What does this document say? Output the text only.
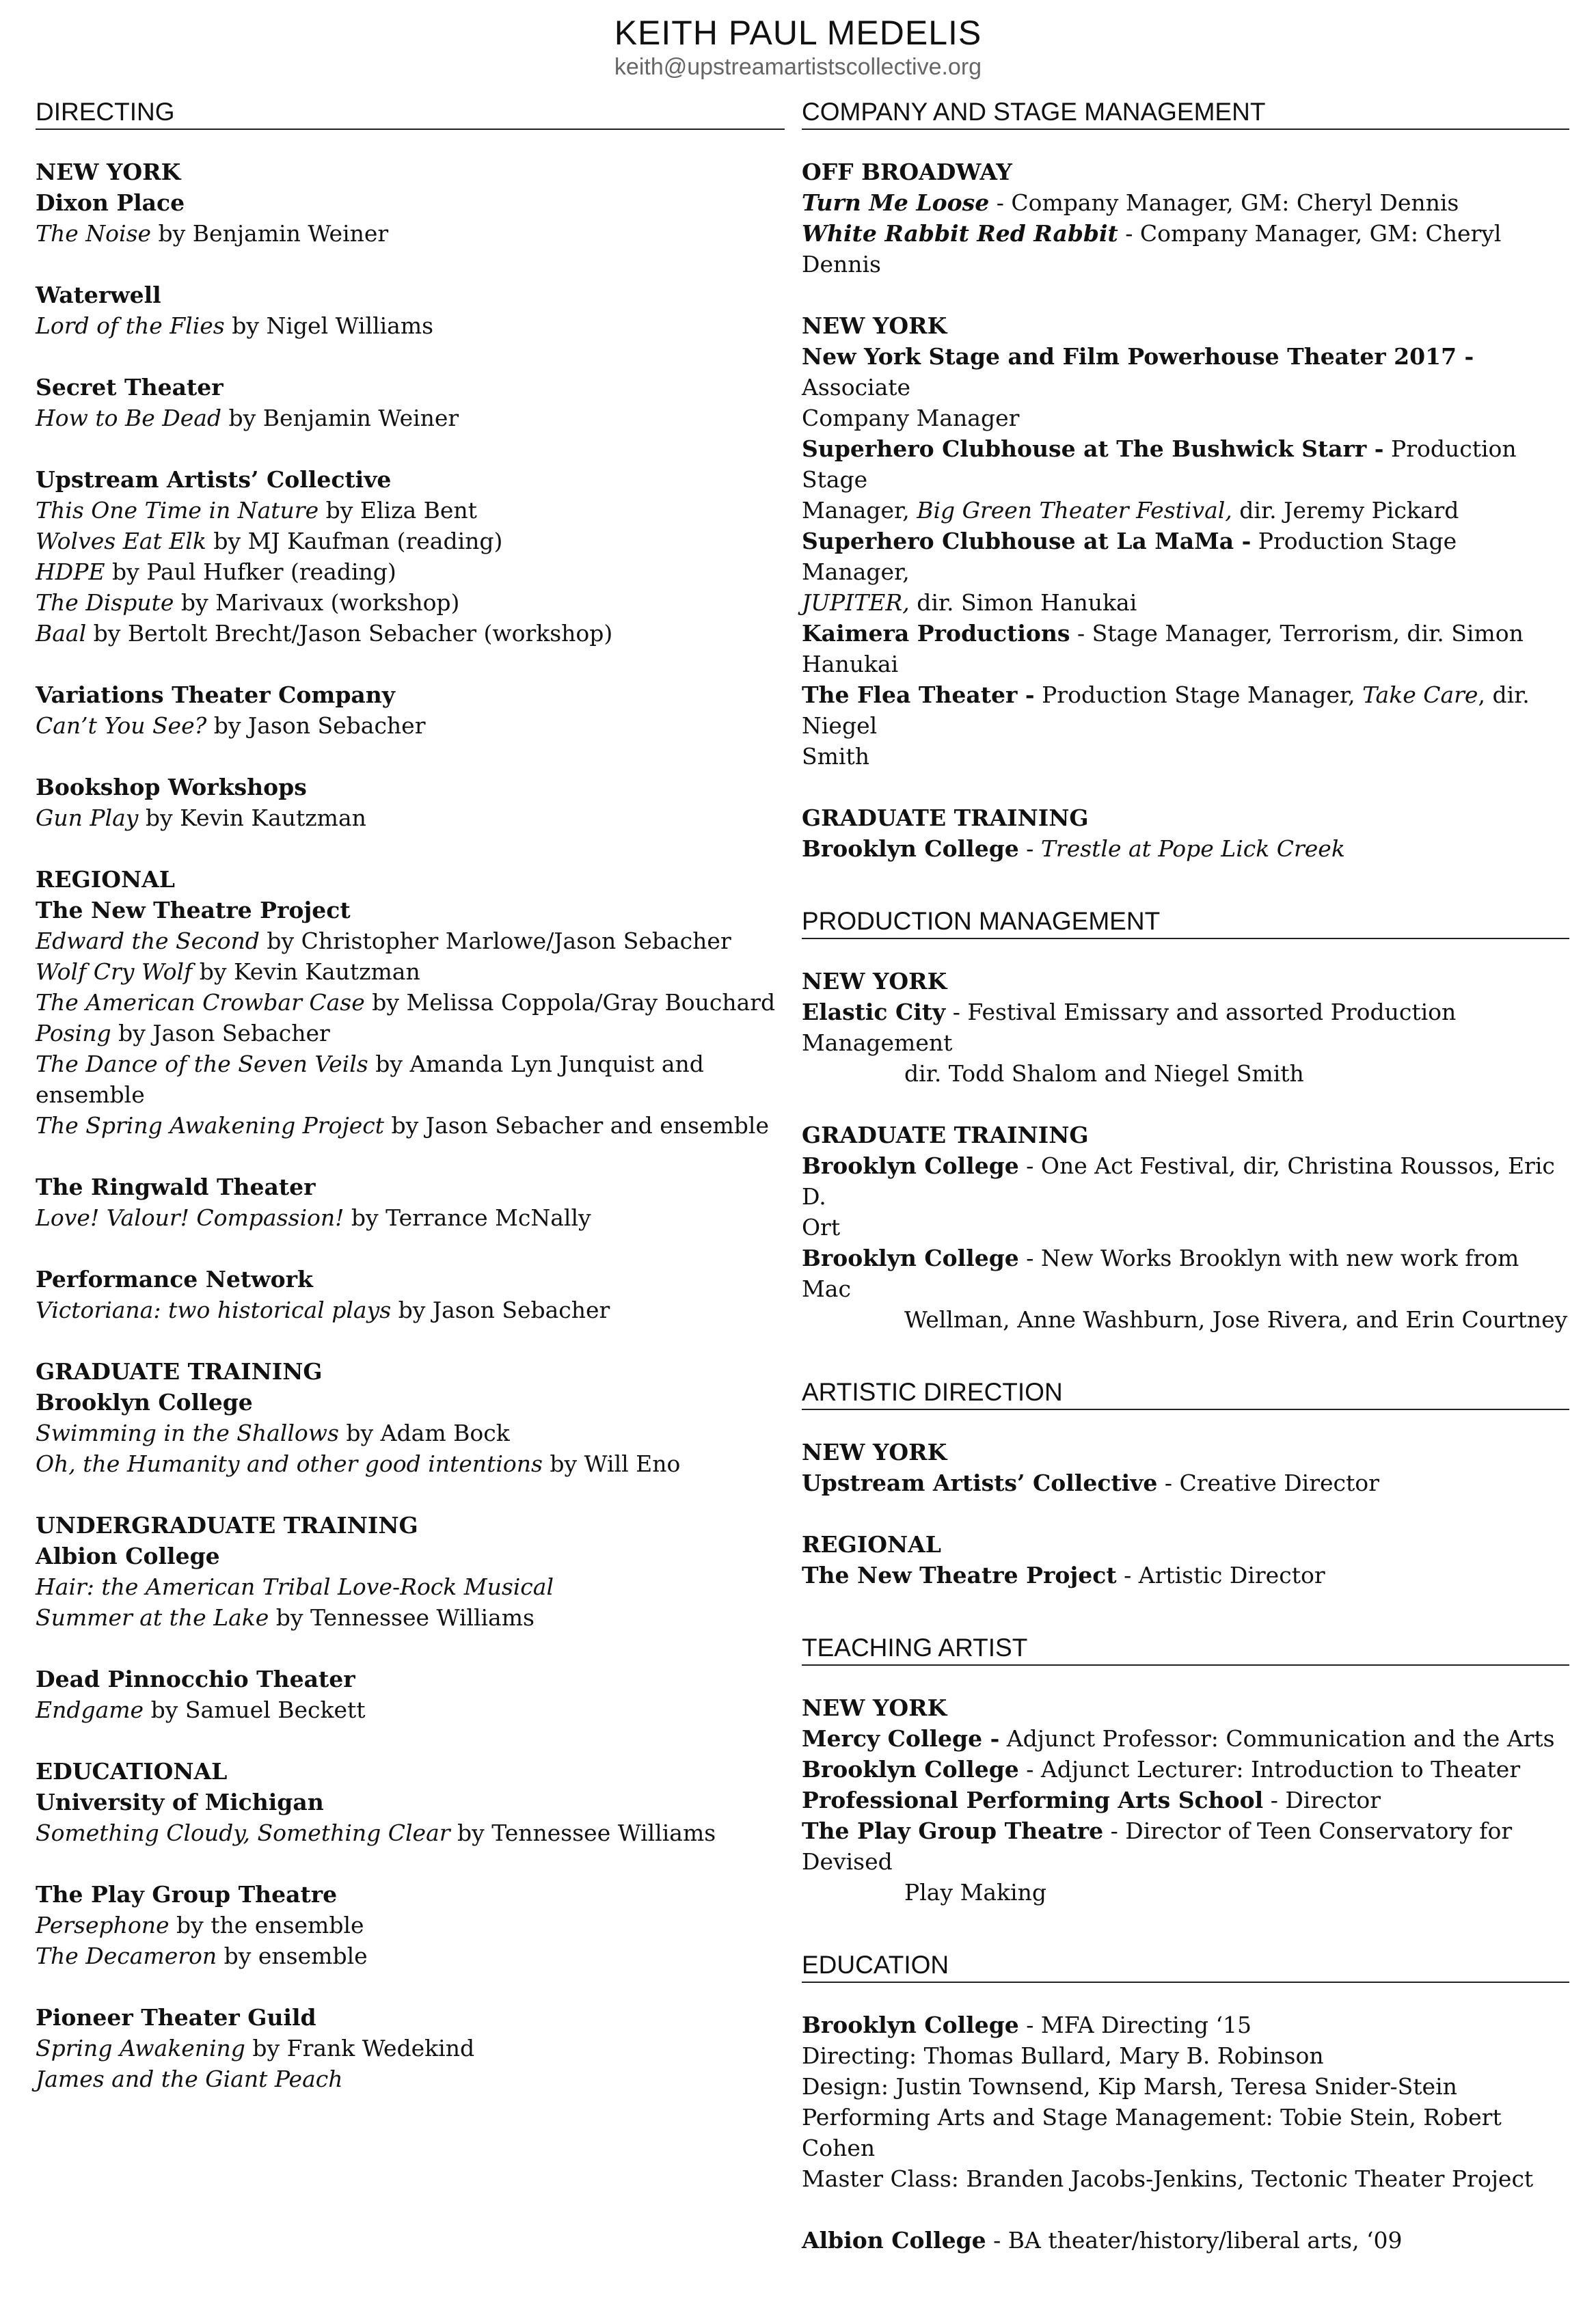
KEITH PAUL MEDELIS
keith@upstreamartistscollective.org
DIRECTING
NEW YORK
Dixon Place
The Noise by Benjamin Weiner
Waterwell
Lord of the Flies by Nigel Williams
Secret Theater
How to Be Dead by Benjamin Weiner
Upstream Artists’ Collective
This One Time in Nature by Eliza Bent
Wolves Eat Elk by MJ Kaufman (reading)
HDPE by Paul Hufker (reading)
The Dispute by Marivaux (workshop)
Baal by Bertolt Brecht/Jason Sebacher (workshop)
Variations Theater Company
Can’t You See? by Jason Sebacher
Bookshop Workshops
Gun Play by Kevin Kautzman
REGIONAL
The New Theatre Project
Edward the Second by Christopher Marlowe/Jason Sebacher
Wolf Cry Wolf by Kevin Kautzman
The American Crowbar Case by Melissa Coppola/Gray Bouchard
Posing by Jason Sebacher
The Dance of the Seven Veils by Amanda Lyn Junquist and ensemble
The Spring Awakening Project by Jason Sebacher and ensemble
The Ringwald Theater
Love! Valour! Compassion! by Terrance McNally
Performance Network
Victoriana: two historical plays by Jason Sebacher
GRADUATE TRAINING
Brooklyn College
Swimming in the Shallows by Adam Bock
Oh, the Humanity and other good intentions by Will Eno
UNDERGRADUATE TRAINING
Albion College
Hair: the American Tribal Love-Rock Musical
Summer at the Lake by Tennessee Williams
Dead Pinnocchio Theater
Endgame by Samuel Beckett
EDUCATIONAL
University of Michigan
Something Cloudy, Something Clear by Tennessee Williams
The Play Group Theatre
Persephone by the ensemble
The Decameron by ensemble
Pioneer Theater Guild
Spring Awakening by Frank Wedekind
James and the Giant Peach
COMPANY AND STAGE MANAGEMENT
OFF BROADWAY
Turn Me Loose - Company Manager, GM: Cheryl Dennis
White Rabbit Red Rabbit - Company Manager, GM: Cheryl Dennis
NEW YORK
New York Stage and Film Powerhouse Theater 2017 - Associate
Company Manager
Superhero Clubhouse at The Bushwick Starr - Production Stage
Manager, Big Green Theater Festival, dir. Jeremy Pickard
Superhero Clubhouse at La MaMa - Production Stage Manager,
JUPITER, dir. Simon Hanukai
Kaimera Productions - Stage Manager, Terrorism, dir. Simon
Hanukai
The Flea Theater - Production Stage Manager, Take Care, dir. Niegel
Smith
GRADUATE TRAINING
Brooklyn College - Trestle at Pope Lick Creek
PRODUCTION MANAGEMENT
NEW YORK
Elastic City - Festival Emissary and assorted Production Management
dir. Todd Shalom and Niegel Smith
GRADUATE TRAINING
Brooklyn College - One Act Festival, dir, Christina Roussos, Eric D.
Ort
Brooklyn College - New Works Brooklyn with new work from Mac
Wellman, Anne Washburn, Jose Rivera, and Erin Courtney
ARTISTIC DIRECTION
NEW YORK
Upstream Artists’ Collective - Creative Director
REGIONAL
The New Theatre Project - Artistic Director
TEACHING ARTIST
NEW YORK
Mercy College - Adjunct Professor: Communication and the Arts
Brooklyn College - Adjunct Lecturer: Introduction to Theater
Professional Performing Arts School - Director
The Play Group Theatre - Director of Teen Conservatory for Devised
Play Making
EDUCATION
Brooklyn College - MFA Directing ‘15
Directing: Thomas Bullard, Mary B. Robinson
Design: Justin Townsend, Kip Marsh, Teresa Snider-Stein
Performing Arts and Stage Management: Tobie Stein, Robert Cohen
Master Class: Branden Jacobs-Jenkins, Tectonic Theater Project
Albion College - BA theater/history/liberal arts, ‘09
